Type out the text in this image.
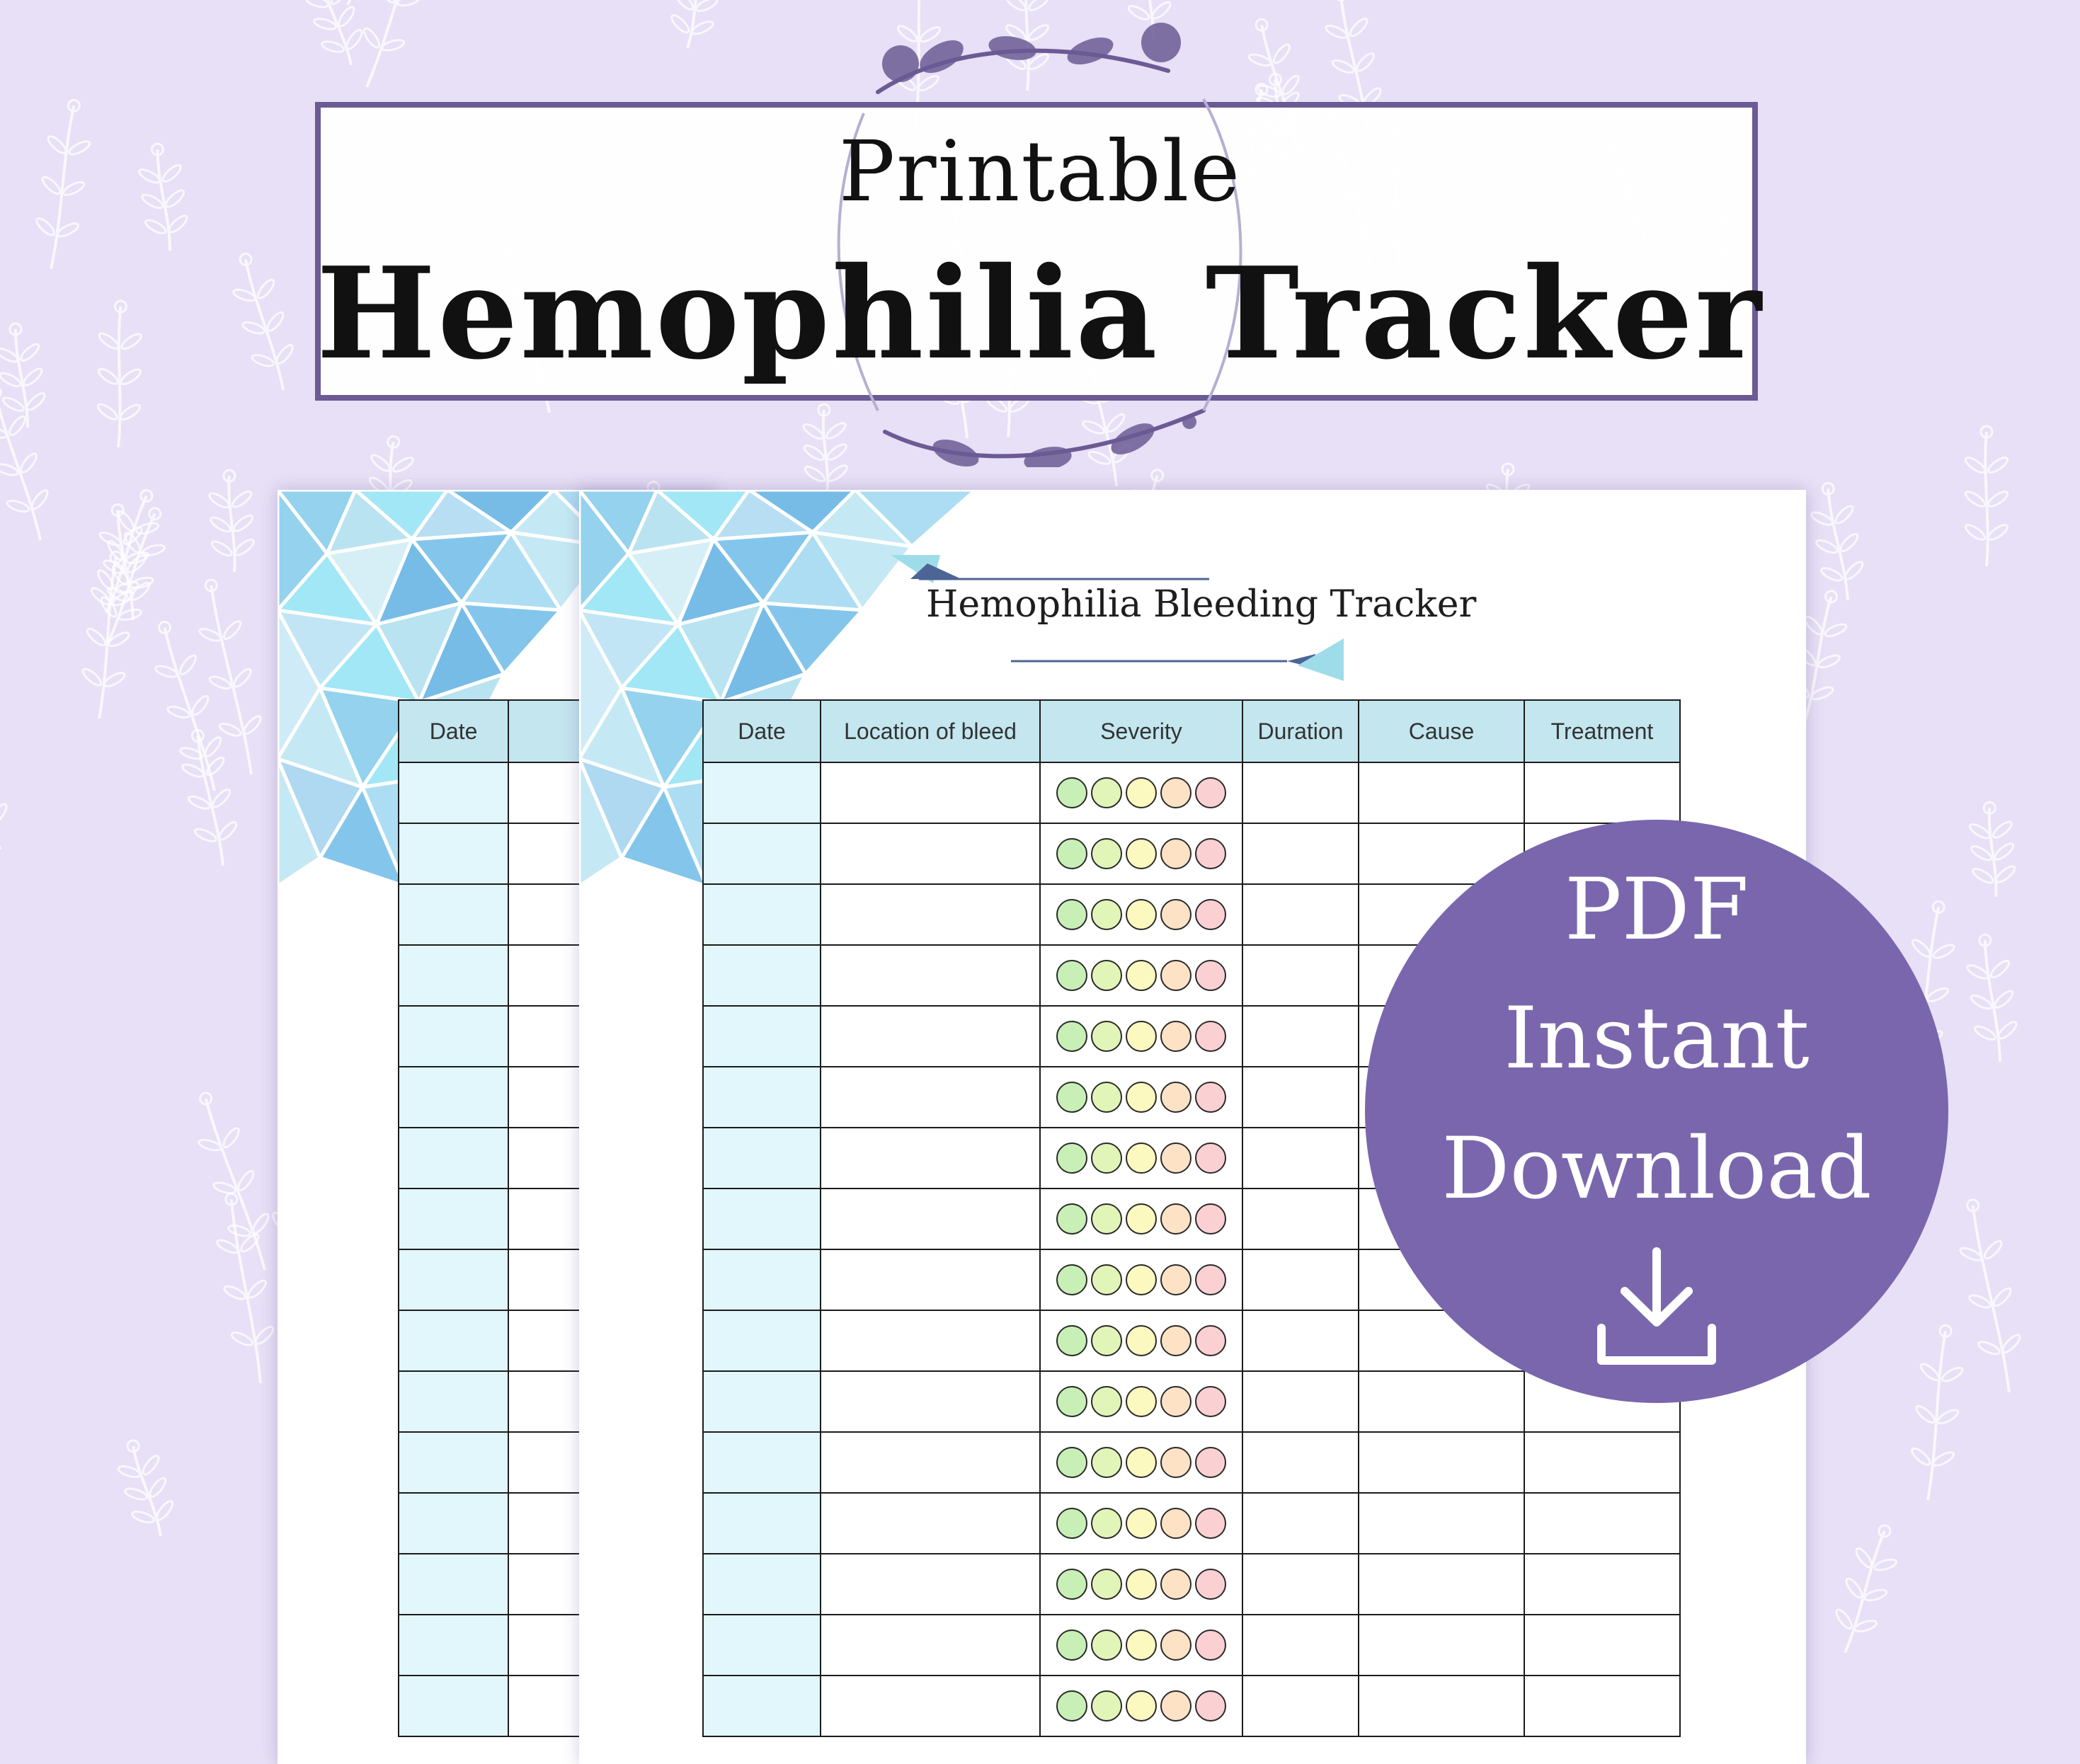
Date	

Hemophilia Bleeding Tracker
Date	Location of bleed	Severity	Duration	Cause	Treatment

Printable
Hemophilia Tracker
PDF
Instant
Download
